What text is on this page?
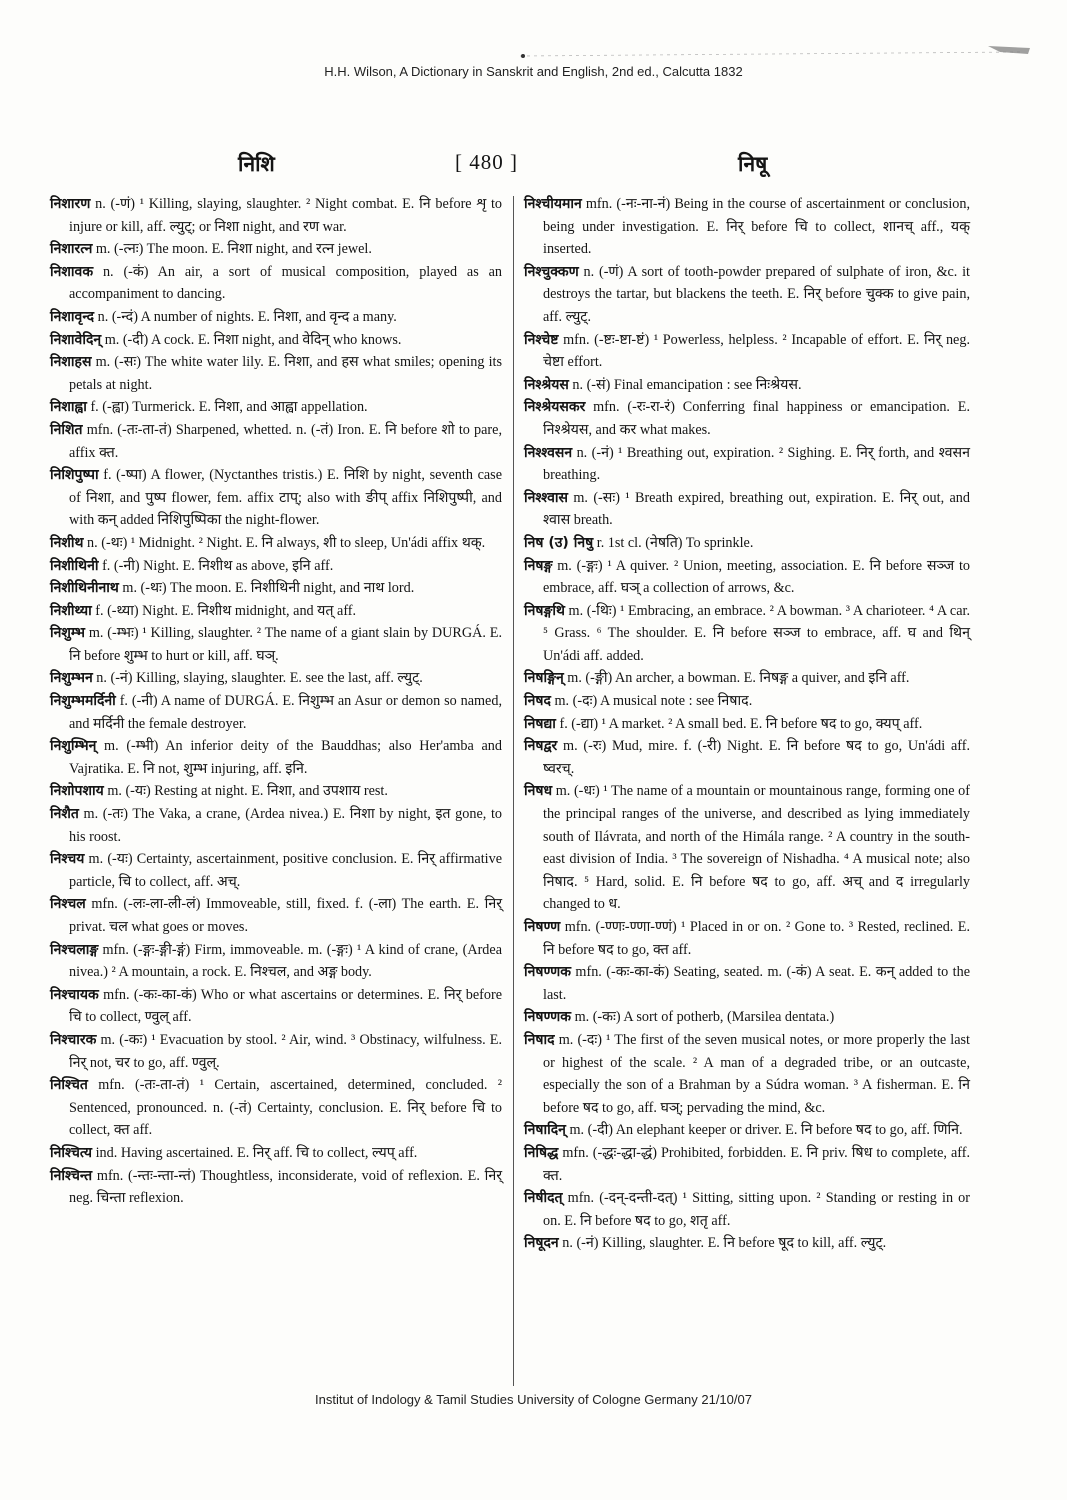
H.H. Wilson, A Dictionary in Sanskrit and English, 2nd ed., Calcutta 1832
निशि	[ 480 ]	निषू

निशारण n. (-णं) ¹ Killing, slaying, slaughter. ² Night combat. E. नि before शृ to injure or kill, aff. ल्युट्; or निशा night, and रण war.

निशारत्न m. (-त्नः) The moon. E. निशा night, and रत्न jewel.

निशावक n. (-कं) An air, a sort of musical composition, played as an accompaniment to dancing.

निशावृन्द n. (-न्दं) A number of nights. E. निशा, and वृन्द a many.

निशावेदिन् m. (-दी) A cock. E. निशा night, and वेदिन् who knows.

निशाहस m. (-सः) The white water lily. E. निशा, and हस what smiles; opening its petals at night.

निशाह्वा f. (-ह्वा) Turmerick. E. निशा, and आह्वा appellation.

निशित mfn. (-तः-ता-तं) Sharpened, whetted. n. (-तं) Iron. E. नि before शो to pare, affix क्त.

निशिपुष्पा f. (-ष्पा) A flower, (Nyctanthes tristis.) E. निशि by night, seventh case of निशा, and पुष्प flower, fem. affix टाप्; also with ङीप् affix निशिपुष्पी, and with कन् added निशिपुष्पिका the night-flower.

निशीथ n. (-थः) ¹ Midnight. ² Night. E. नि always, शी to sleep, Un'ádi affix थक्.

निशीथिनी f. (-नी) Night. E. निशीथ as above, इनि aff.

निशीथिनीनाथ m. (-थः) The moon. E. निशीथिनी night, and नाथ lord.

निशीथ्या f. (-थ्या) Night. E. निशीथ midnight, and यत् aff.

निशुम्भ m. (-म्भः) ¹ Killing, slaughter. ² The name of a giant slain by DURGÁ. E. नि before शुम्भ to hurt or kill, aff. घञ्.

निशुम्भन n. (-नं) Killing, slaying, slaughter. E. see the last, aff. ल्युट्.

निशुम्भमर्दिनी f. (-नी) A name of DURGÁ. E. निशुम्भ an Asur or demon so named, and मर्दिनी the female destroyer.

निशुम्भिन् m. (-म्भी) An inferior deity of the Bauddhas; also Her'amba and Vajratika. E. नि not, शुम्भ injuring, aff. इनि.

निशोपशाय m. (-यः) Resting at night. E. निशा, and उपशाय rest.

निशैत m. (-तः) The Vaka, a crane, (Ardea nivea.) E. निशा by night, इत gone, to his roost.

निश्चय m. (-यः) Certainty, ascertainment, positive conclusion. E. निर् affirmative particle, चि to collect, aff. अच्.

निश्चल mfn. (-लः-ला-ली-लं) Immoveable, still, fixed. f. (-ला) The earth. E. निर् privat. चल what goes or moves.

निश्चलाङ्ग mfn. (-ङ्गः-ङ्गी-ङ्गं) Firm, immoveable. m. (-ङ्गः) ¹ A kind of crane, (Ardea nivea.) ² A mountain, a rock. E. निश्चल, and अङ्ग body.

निश्चायक mfn. (-कः-का-कं) Who or what ascertains or determines. E. निर् before चि to collect, ण्वुल् aff.

निश्चारक m. (-कः) ¹ Evacuation by stool. ² Air, wind. ³ Obstinacy, wilfulness. E. निर् not, चर to go, aff. ण्वुल्.

निश्चित mfn. (-तः-ता-तं) ¹ Certain, ascertained, determined, concluded. ² Sentenced, pronounced. n. (-तं) Certainty, conclusion. E. निर् before चि to collect, क्त aff.

निश्चित्य ind. Having ascertained. E. निर् aff. चि to collect, ल्यप् aff.

निश्चिन्त mfn. (-न्तः-न्ता-न्तं) Thoughtless, inconsiderate, void of reflexion. E. निर् neg. चिन्ता reflexion.

निश्चीयमान mfn. (-नः-ना-नं) Being in the course of ascertainment or conclusion, being under investigation. E. निर् before चि to collect, शानच् aff., यक् inserted.

निश्चुक्कण n. (-णं) A sort of tooth-powder prepared of sulphate of iron, &c. it destroys the tartar, but blackens the teeth. E. निर् before चुक्क to give pain, aff. ल्युट्.

निश्चेष्ट mfn. (-ष्टः-ष्टा-ष्टं) ¹ Powerless, helpless. ² Incapable of effort. E. निर् neg. चेष्टा effort.

निश्श्रेयस n. (-सं) Final emancipation : see निःश्रेयस.

निश्श्रेयसकर mfn. (-रः-रा-रं) Conferring final happiness or emancipation. E. निश्श्रेयस, and कर what makes.

निश्श्वसन n. (-नं) ¹ Breathing out, expiration. ² Sighing. E. निर् forth, and श्वसन breathing.

निश्श्वास m. (-सः) ¹ Breath expired, breathing out, expiration. E. निर् out, and श्वास breath.

निष (उ) निषु r. 1st cl. (नेषति) To sprinkle.

निषङ्ग m. (-ङ्गः) ¹ A quiver. ² Union, meeting, association. E. नि before सञ्ज to embrace, aff. घञ् a collection of arrows, &c.

निषङ्गथि m. (-थिः) ¹ Embracing, an embrace. ² A bowman. ³ A charioteer. ⁴ A car. ⁵ Grass. ⁶ The shoulder. E. नि before सञ्ज to embrace, aff. घ and थिन् Un'ádi aff. added.

निषङ्गिन् m. (-ङ्गी) An archer, a bowman. E. निषङ्ग a quiver, and इनि aff.

निषद m. (-दः) A musical note : see निषाद.

निषद्या f. (-द्या) ¹ A market. ² A small bed. E. नि before षद to go, क्यप् aff.

निषद्वर m. (-रः) Mud, mire. f. (-री) Night. E. नि before षद to go, Un'ádi aff. ष्वरच्.

निषध m. (-धः) ¹ The name of a mountain or mountainous range, forming one of the principal ranges of the universe, and described as lying immediately south of Ilávrata, and north of the Himála range. ² A country in the south-east division of India. ³ The sovereign of Nishadha. ⁴ A musical note; also निषाद. ⁵ Hard, solid. E. नि before षद to go, aff. अच् and द irregularly changed to ध.

निषण्ण mfn. (-ण्णः-ण्णा-ण्णं) ¹ Placed in or on. ² Gone to. ³ Rested, reclined. E. नि before षद to go, क्त aff.

निषण्णक mfn. (-कः-का-कं) Seating, seated. m. (-कं) A seat. E. कन् added to the last.

निषण्णक m. (-कः) A sort of potherb, (Marsilea dentata.)

निषाद m. (-दः) ¹ The first of the seven musical notes, or more properly the last or highest of the scale. ² A man of a degraded tribe, or an outcaste, especially the son of a Brahman by a Súdra woman. ³ A fisherman. E. नि before षद to go, aff. घञ्; pervading the mind, &c.

निषादिन् m. (-दी) An elephant keeper or driver. E. नि before षद to go, aff. णिनि.

निषिद्ध mfn. (-द्धः-द्धा-द्धं) Prohibited, forbidden. E. नि priv. षिध to complete, aff. क्त.

निषीदत् mfn. (-दन्-दन्ती-दत्) ¹ Sitting, sitting upon. ² Standing or resting in or on. E. नि before षद to go, शतृ aff.

निषूदन n. (-नं) Killing, slaughter. E. नि before षूद to kill, aff. ल्युट्.

Institut of Indology & Tamil Studies University of Cologne Germany 21/10/07
